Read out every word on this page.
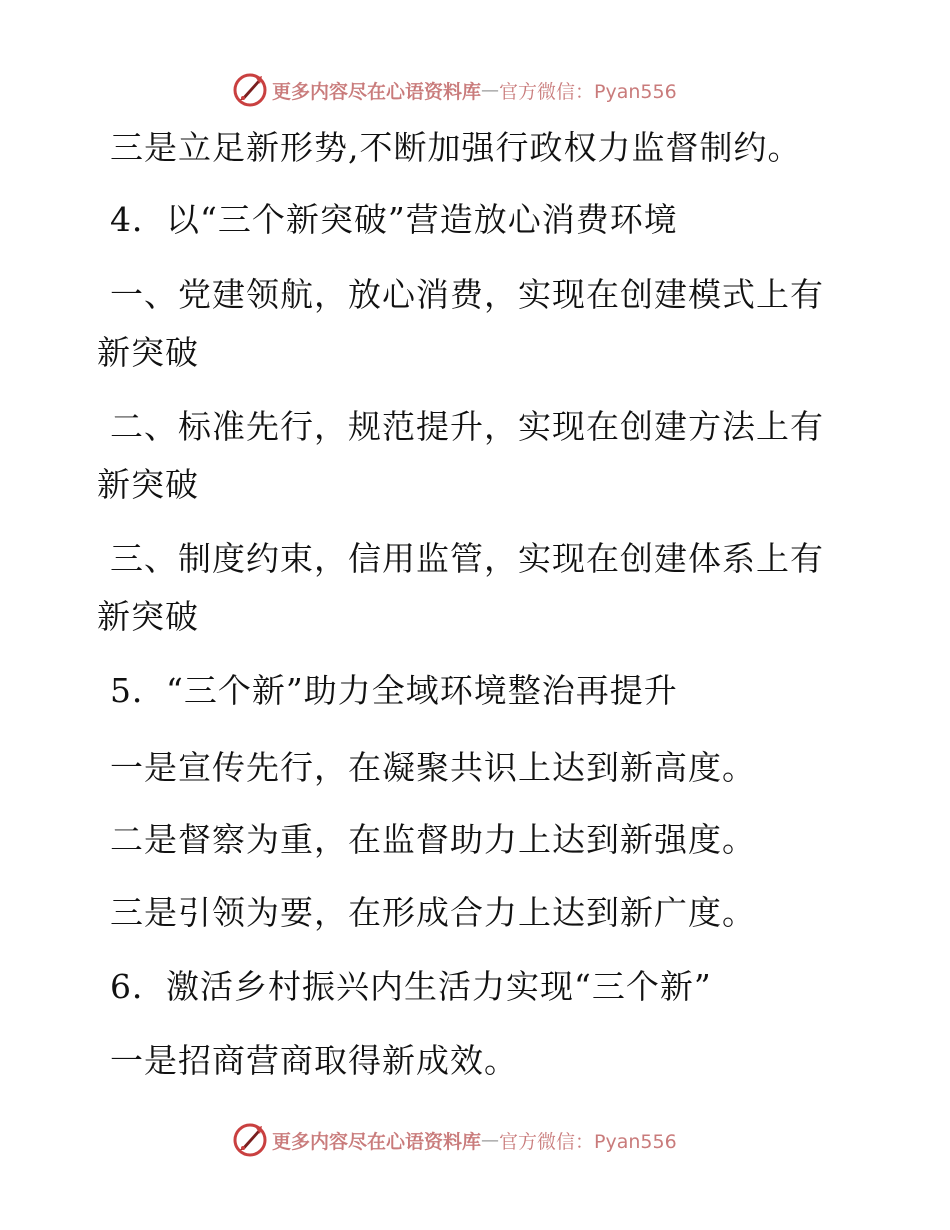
更多内容尽在心语资料库 — 官方微信：Pyan556
三是立足新形势,不断加强行政权力监督制约。
4．以“三个新突破”营造放心消费环境
一、党建领航，放心消费，实现在创建模式上有
新突破
二、标准先行，规范提升，实现在创建方法上有
新突破
三、制度约束，信用监管，实现在创建体系上有
新突破
5．“三个新”助力全域环境整治再提升
一是宣传先行，在凝聚共识上达到新高度。
二是督察为重，在监督助力上达到新强度。
三是引领为要，在形成合力上达到新广度。
6．激活乡村振兴内生活力实现“三个新”
一是招商营商取得新成效。
更多内容尽在心语资料库 — 官方微信：Pyan556
